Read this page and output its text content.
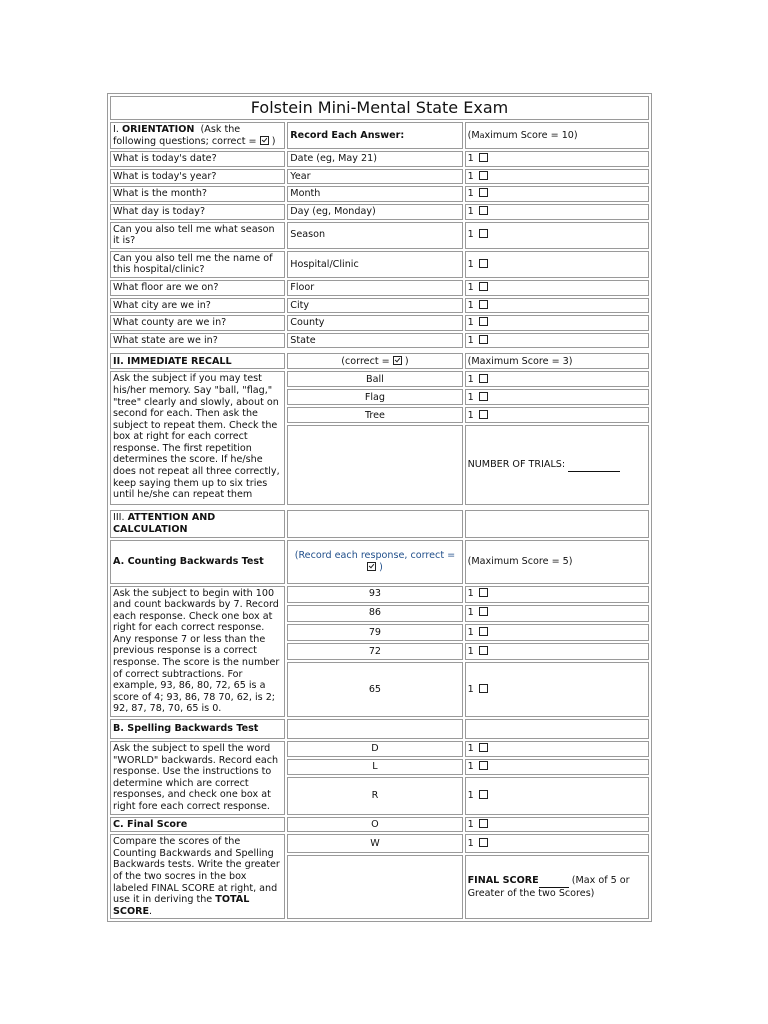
Folstein Mini-Mental State Exam		
I. ORIENTATION (Ask the following questions; correct = )	Record Each Answer:	(Maximum Score = 10)
What is today's date?	Date (eg, May 21)	1
What is today's year?	Year	1
What is the month?	Month	1
What day is today?	Day (eg, Monday)	1
Can you also tell me what season it is?	Season	1
Can you also tell me the name of this hospital/clinic?	Hospital/Clinic	1
What floor are we on?	Floor	1
What city are we in?	City	1
What county are we in?	County	1
What state are we in?	State	1

II. IMMEDIATE RECALL	(correct = )	(Maximum Score = 3)
Ask the subject if you may test his/her memory. Say "ball, "flag," "tree" clearly and slowly, about on second for each. Then ask the subject to repeat them. Check the box at right for each correct response. The first repetition determines the score. If he/she does not repeat all three correctly, keep saying them up to six tries until he/she can repeat them	Ball	1
	Flag	1
	Tree	1
		NUMBER OF TRIALS:

III. ATTENTION AND CALCULATION		
A. Counting Backwards Test	(Record each response, correct =  )	(Maximum Score = 5)
Ask the subject to begin with 100 and count backwards by 7. Record each response. Check one box at right for each correct response. Any response 7 or less than the previous response is a correct response. The score is the number of correct subtractions. For example, 93, 86, 80, 72, 65 is a score of 4; 93, 86, 78 70, 62, is 2; 92, 87, 78, 70, 65 is 0.	93	1
	86	1
	79	1
	72	1
	65	1
B. Spelling Backwards Test		
Ask the subject to spell the word "WORLD" backwards. Record each response. Use the instructions to determine which are correct responses, and check one box at right fore each correct response.	D	1
	L	1
	R	1
C. Final Score	O	1
Compare the scores of the Counting Backwards and Spelling Backwards tests. Write the greater of the two socres in the box labeled FINAL SCORE at right, and use it in deriving the TOTAL SCORE.	W	1
		FINAL SCORE (Max of 5 or Greater of the two Scores)
